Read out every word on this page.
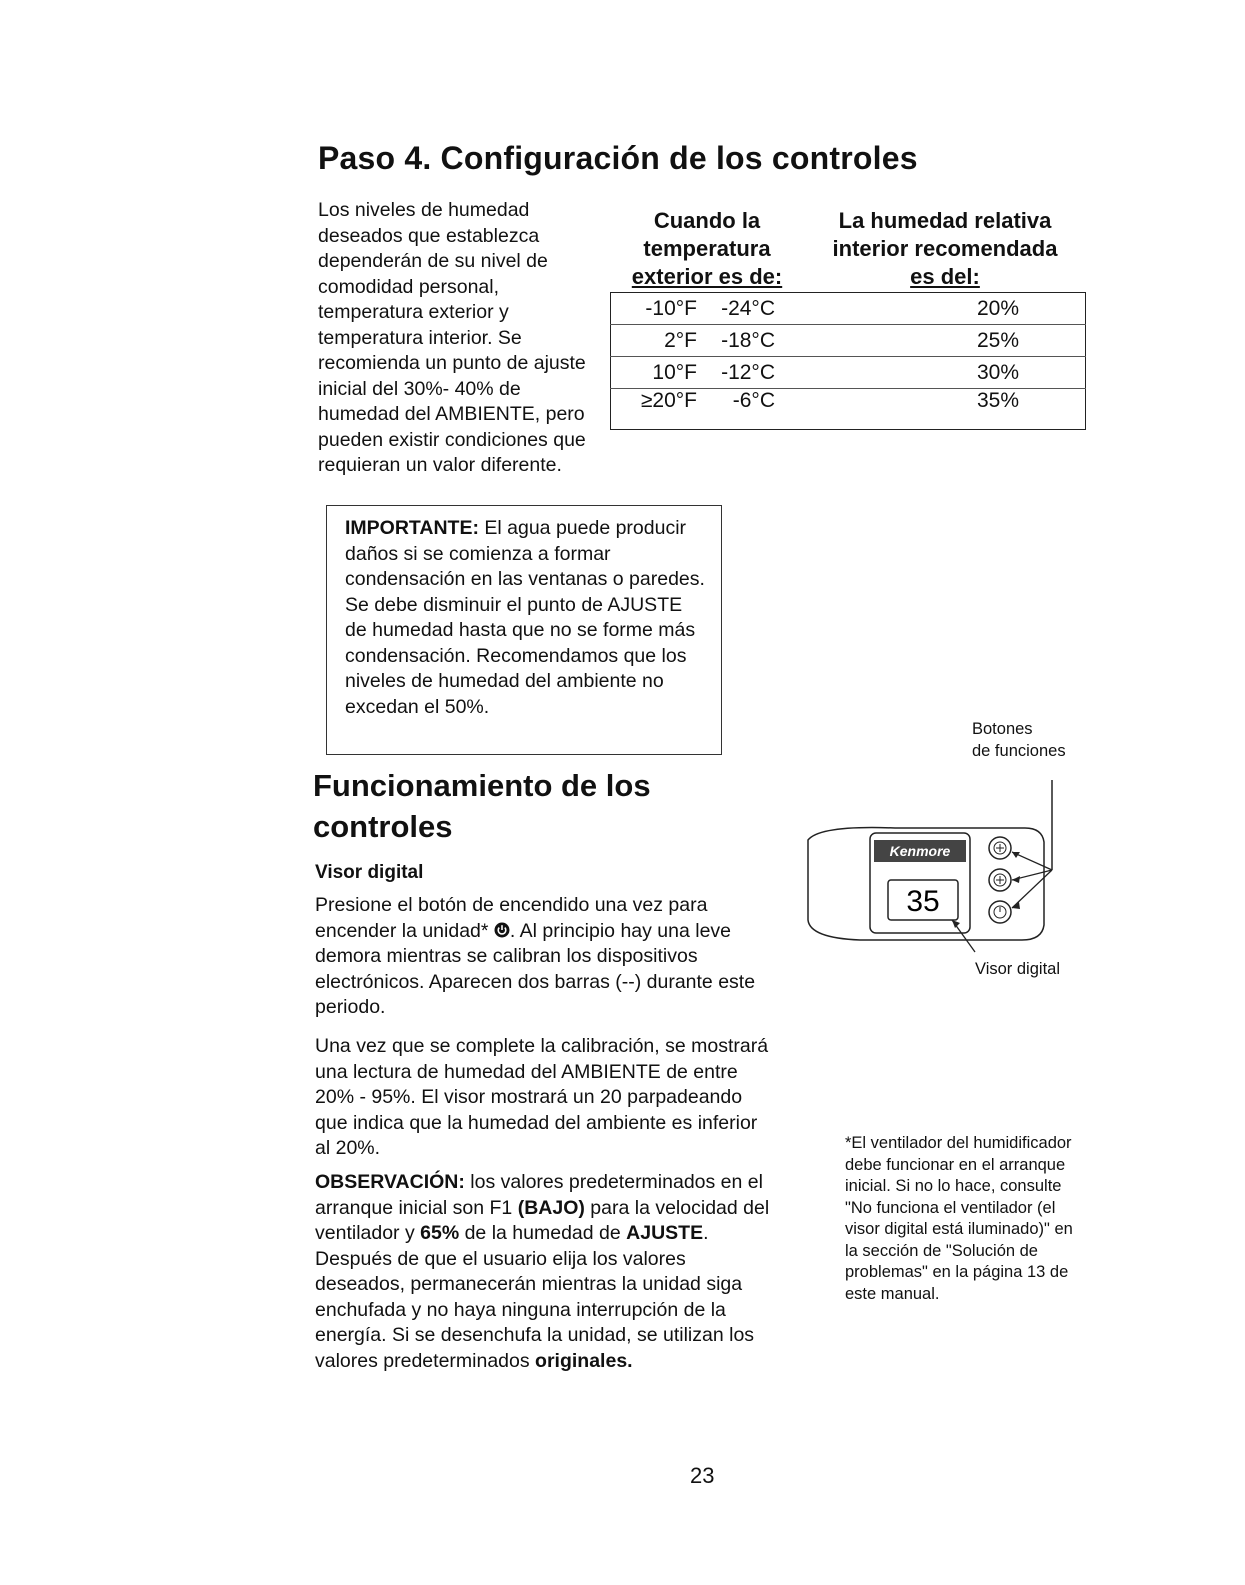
Paso 4. Configuración de los controles
Los niveles de humedad deseados que establezca dependerán de su nivel de comodidad personal, temperatura exterior y temperatura interior. Se recomienda un punto de ajuste inicial del 30%- 40% de humedad del AMBIENTE, pero pueden existir condiciones que requieran un valor diferente.
Cuando la
temperatura
exterior es de:
La humedad relativa
interior recomendada
es del:
-10°F	-24°C	20%
2°F	-18°C	25%
10°F	-12°C	30%
≥20°F	-6°C	35%
IMPORTANTE: El agua puede producir daños si se comienza a formar condensación en las ventanas o paredes. Se debe disminuir el punto de AJUSTE de humedad hasta que no se forme más condensación. Recomendamos que los niveles de humedad del ambiente no excedan el 50%.
Funcionamiento de los controles
Visor digital
Presione el botón de encendido una vez para encender la unidad* . Al principio hay una leve demora mientras se calibran los dispositivos electrónicos. Aparecen dos barras (--) durante este periodo.
Una vez que se complete la calibración, se mostrará una lectura de humedad del AMBIENTE de entre 20% - 95%. El visor mostrará un 20 parpadeando que indica que la humedad del ambiente es inferior al 20%.
OBSERVACIÓN: los valores predeterminados en el arranque inicial son F1 (BAJO) para la velocidad del ventilador y 65% de la humedad de AJUSTE. Después de que el usuario elija los valores deseados, permanecerán mientras la unidad siga enchufada y no haya ninguna interrupción de la energía. Si se desenchufa la unidad, se utilizan los valores predeterminados originales.
Botones
de funciones
Kenmore
35
Visor digital
*El ventilador del humidificador debe funcionar en el arranque inicial. Si no lo hace, consulte "No funciona el ventilador (el visor digital está iluminado)" en la sección de "Solución de problemas" en la página 13 de este manual.
23
